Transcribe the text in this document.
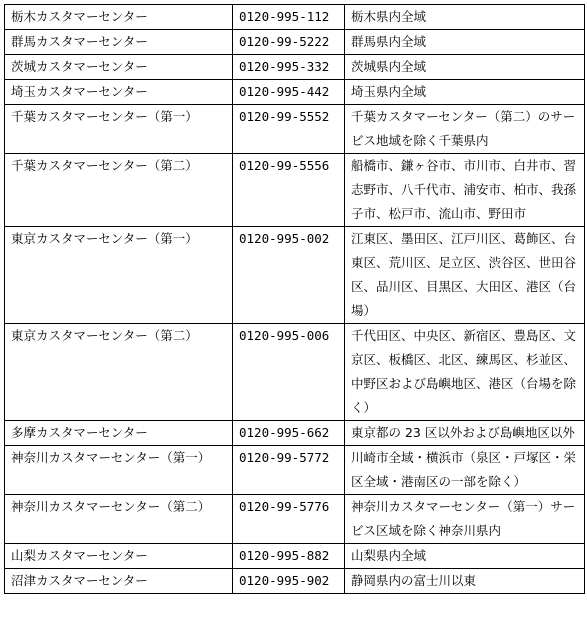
栃木カスタマーセンター	0120-995-112	栃木県内全域
群馬カスタマーセンター	0120-99-5222	群馬県内全域
茨城カスタマーセンター	0120-995-332	茨城県内全域
埼玉カスタマーセンター	0120-995-442	埼玉県内全域
千葉カスタマーセンター（第一）	0120-99-5552	千葉カスタマーセンター（第二）のサービス地域を除く千葉県内
千葉カスタマーセンター（第二）	0120-99-5556	船橋市、鎌ヶ谷市、市川市、白井市、習志野市、八千代市、浦安市、柏市、我孫子市、松戸市、流山市、野田市
東京カスタマーセンター（第一）	0120-995-002	江東区、墨田区、江戸川区、葛飾区、台東区、荒川区、足立区、渋谷区、世田谷区、品川区、目黒区、大田区、港区（台場）
東京カスタマーセンター（第二）	0120-995-006	千代田区、中央区、新宿区、豊島区、文京区、板橋区、北区、練馬区、杉並区、中野区および島嶼地区、港区（台場を除く）
多摩カスタマーセンター	0120-995-662	東京都の 23 区以外および島嶼地区以外
神奈川カスタマーセンター（第一）	0120-99-5772	川崎市全域・横浜市（泉区・戸塚区・栄区全域・港南区の一部を除く）
神奈川カスタマーセンター（第二）	0120-99-5776	神奈川カスタマーセンター（第一）サービス区域を除く神奈川県内
山梨カスタマーセンター	0120-995-882	山梨県内全域
沼津カスタマーセンター	0120-995-902	静岡県内の富士川以東
